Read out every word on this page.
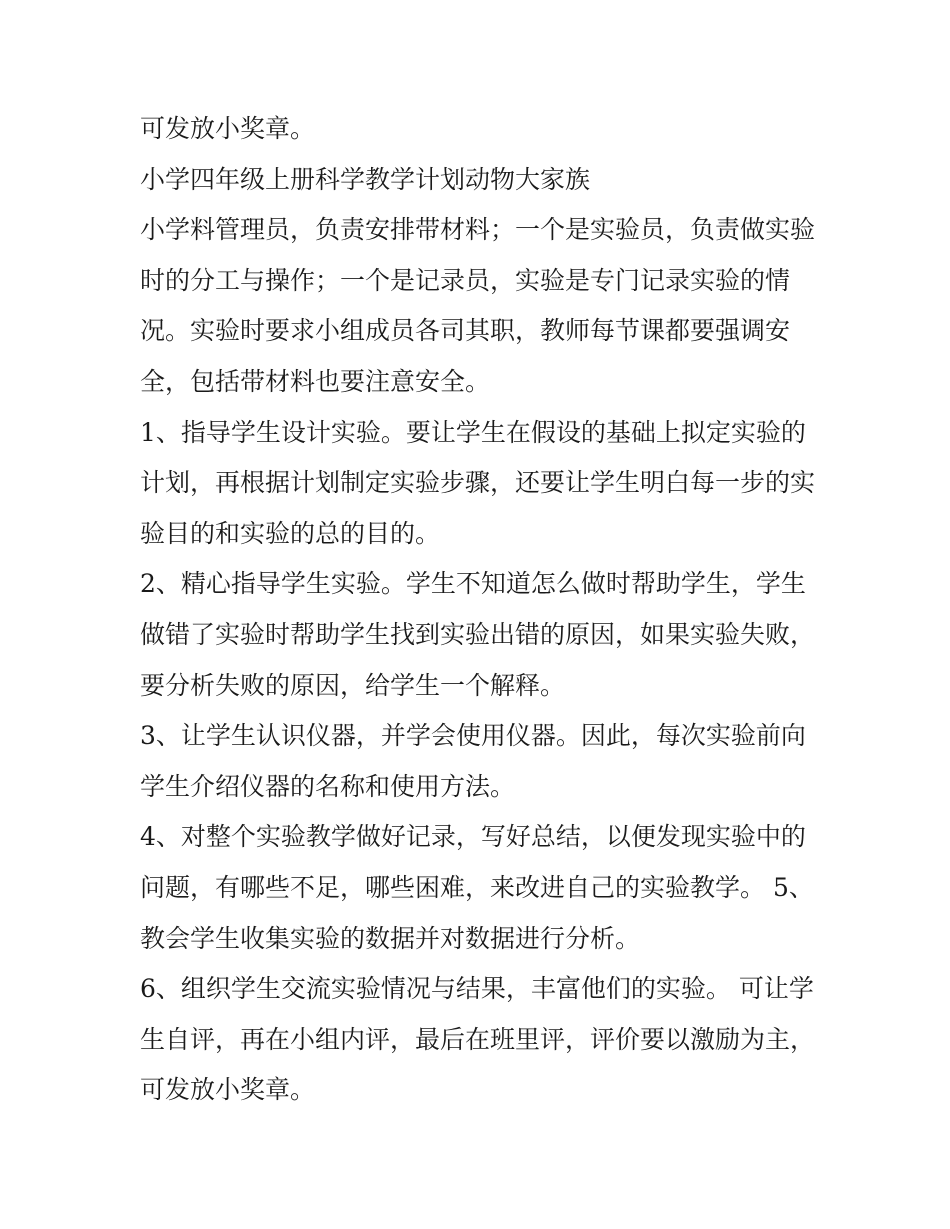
可发放小奖章。
小学四年级上册科学教学计划动物大家族
小学料管理员，负责安排带材料；一个是实验员，负责做实验
时的分工与操作；一个是记录员，实验是专门记录实验的情
况。实验时要求小组成员各司其职，教师每节课都要强调安
全，包括带材料也要注意安全。
1、指导学生设计实验。要让学生在假设的基础上拟定实验的
计划，再根据计划制定实验步骤，还要让学生明白每一步的实
验目的和实验的总的目的。
2、精心指导学生实验。学生不知道怎么做时帮助学生，学生
做错了实验时帮助学生找到实验出错的原因，如果实验失败，
要分析失败的原因，给学生一个解释。
3、让学生认识仪器，并学会使用仪器。因此，每次实验前向
学生介绍仪器的名称和使用方法。
4、对整个实验教学做好记录，写好总结，以便发现实验中的
问题，有哪些不足，哪些困难，来改进自己的实验教学。 5、
教会学生收集实验的数据并对数据进行分析。
6、组织学生交流实验情况与结果，丰富他们的实验。 可让学
生自评，再在小组内评，最后在班里评，评价要以激励为主，
可发放小奖章。
